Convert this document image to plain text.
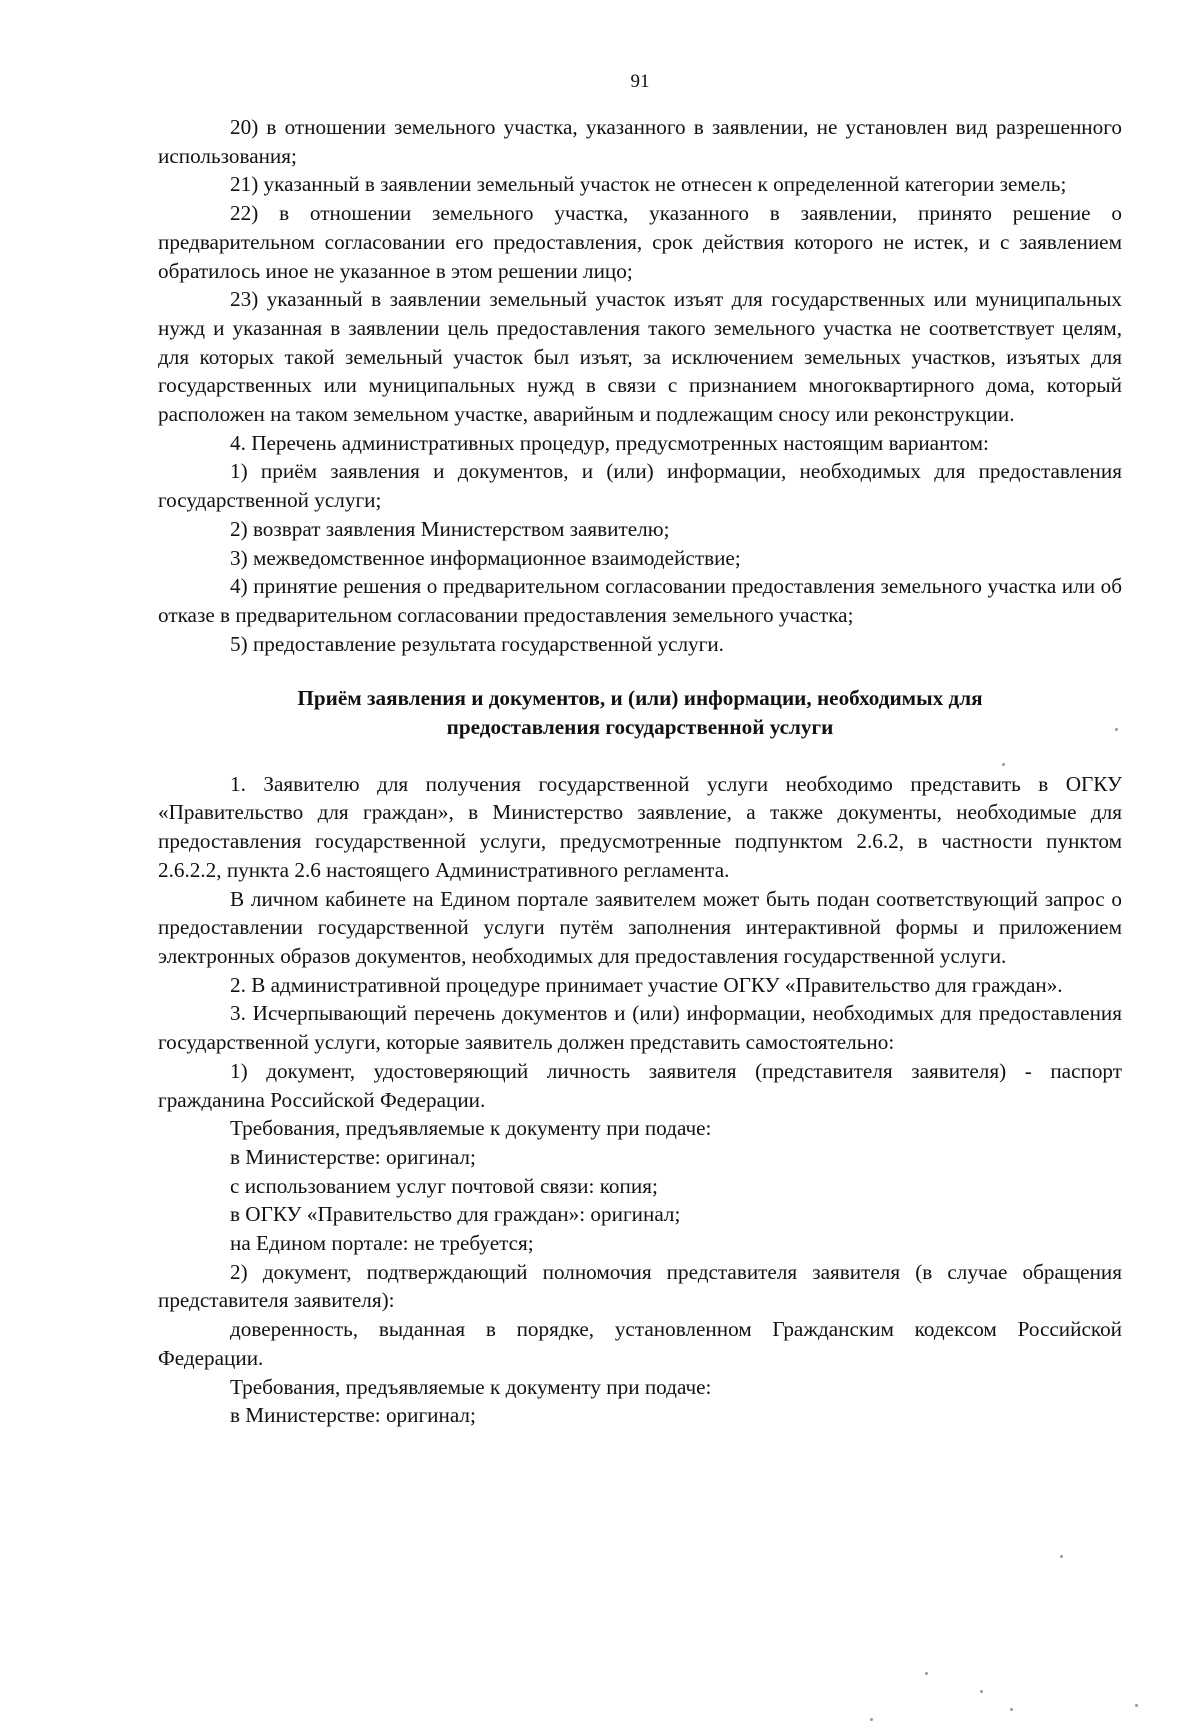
91

20) в отношении земельного участка, указанного в заявлении, не установлен вид разрешенного использования;

21) указанный в заявлении земельный участок не отнесен к определенной категории земель;

22) в отношении земельного участка, указанного в заявлении, принято решение о предварительном согласовании его предоставления, срок действия которого не истек, и с заявлением обратилось иное не указанное в этом решении лицо;

23) указанный в заявлении земельный участок изъят для государственных или муниципальных нужд и указанная в заявлении цель предоставления такого земельного участка не соответствует целям, для которых такой земельный участок был изъят, за исключением земельных участков, изъятых для государственных или муниципальных нужд в связи с признанием многоквартирного дома, который расположен на таком земельном участке, аварийным и подлежащим сносу или реконструкции.

4. Перечень административных процедур, предусмотренных настоящим вариантом:

1) приём заявления и документов, и (или) информации, необходимых для предоставления государственной услуги;

2) возврат заявления Министерством заявителю;

3) межведомственное информационное взаимодействие;

4) принятие решения о предварительном согласовании предоставления земельного участка или об отказе в предварительном согласовании предоставления земельного участка;

5) предоставление результата государственной услуги.

Приём заявления и документов, и (или) информации, необходимых для
предоставления государственной услуги

1. Заявителю для получения государственной услуги необходимо представить в ОГКУ «Правительство для граждан», в Министерство заявление, а также документы, необходимые для предоставления государственной услуги, предусмотренные подпунктом 2.6.2, в частности пунктом 2.6.2.2, пункта 2.6 настоящего Административного регламента.

В личном кабинете на Едином портале заявителем может быть подан соответствующий запрос о предоставлении государственной услуги путём заполнения интерактивной формы и приложением электронных образов документов, необходимых для предоставления государственной услуги.

2. В административной процедуре принимает участие ОГКУ «Правительство для граждан».

3. Исчерпывающий перечень документов и (или) информации, необходимых для предоставления государственной услуги, которые заявитель должен представить самостоятельно:

1) документ, удостоверяющий личность заявителя (представителя заявителя) - паспорт гражданина Российской Федерации.

Требования, предъявляемые к документу при подаче:

в Министерстве: оригинал;

с использованием услуг почтовой связи: копия;

в ОГКУ «Правительство для граждан»: оригинал;

на Едином портале: не требуется;

2) документ, подтверждающий полномочия представителя заявителя (в случае обращения представителя заявителя):

доверенность, выданная в порядке, установленном Гражданским кодексом Российской Федерации.

Требования, предъявляемые к документу при подаче:

в Министерстве: оригинал;
